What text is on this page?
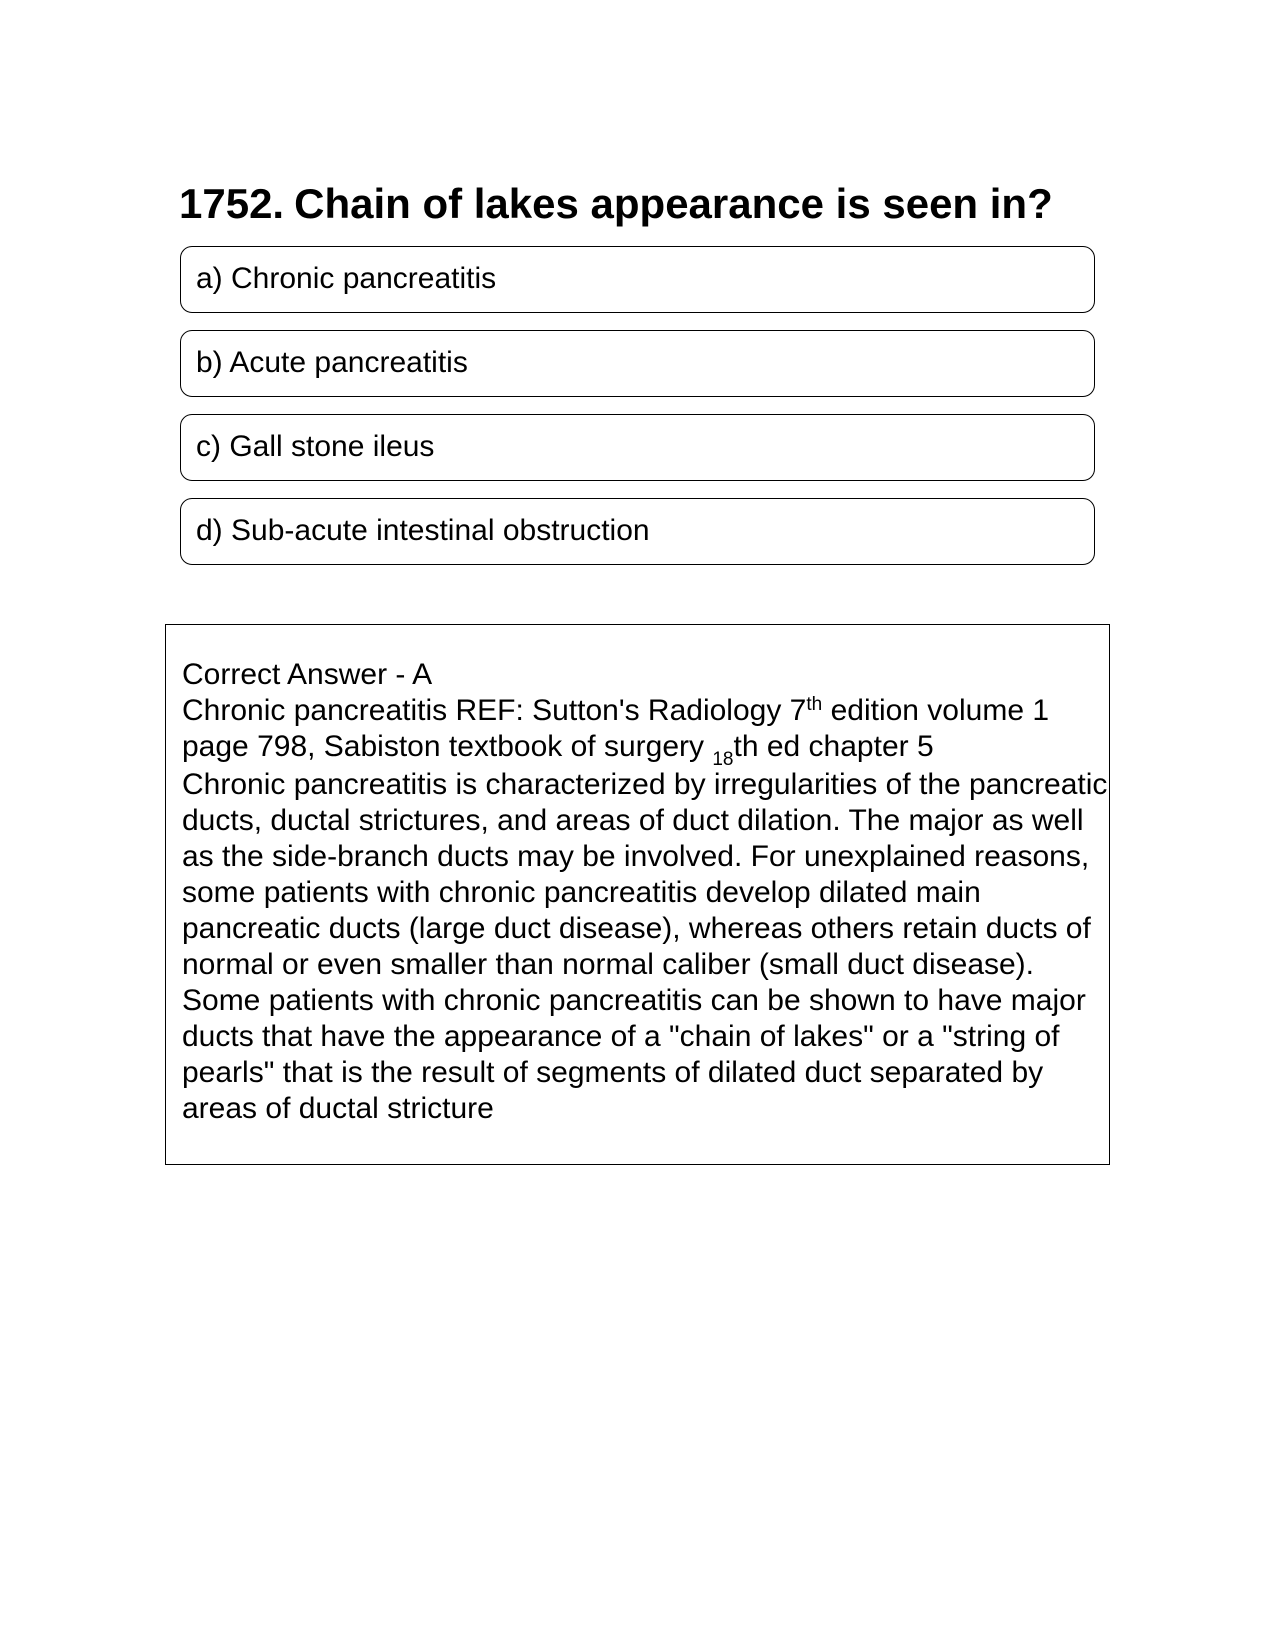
1752. Chain of lakes appearance is seen in?
a) Chronic pancreatitis
b) Acute pancreatitis
c) Gall stone ileus
d) Sub-acute intestinal obstruction

Correct Answer - A

Chronic pancreatitis REF: Sutton's Radiology 7th edition volume 1 page 798, Sabiston textbook of surgery $_{18}$th ed chapter 5

Chronic pancreatitis is characterized by irregularities of the pancreatic ducts, ductal strictures, and areas of duct dilation. The major as well as the side-branch ducts may be involved. For unexplained reasons, some patients with chronic pancreatitis develop dilated main pancreatic ducts (large duct disease), whereas others retain ducts of normal or even smaller than normal caliber (small duct disease). Some patients with chronic pancreatitis can be shown to have major ducts that have the appearance of a "chain of lakes" or a "string of pearls" that is the result of segments of dilated duct separated by areas of ductal stricture
